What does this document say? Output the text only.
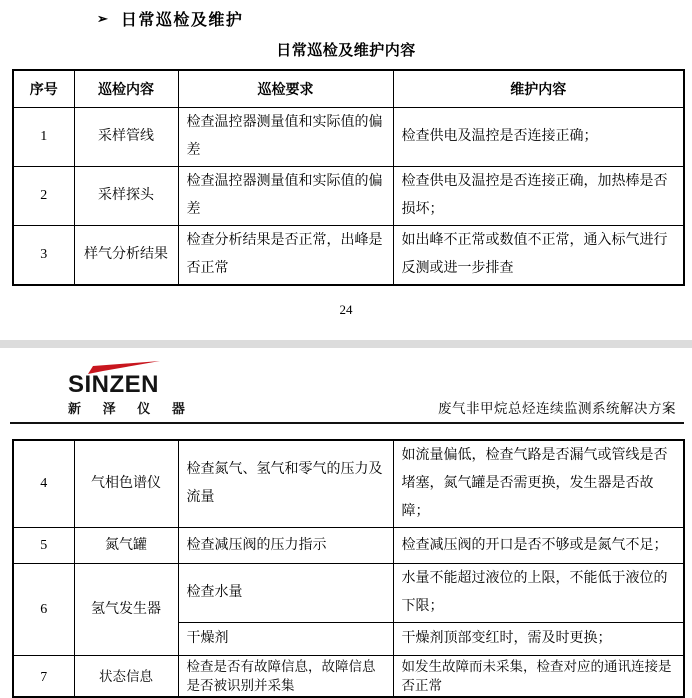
➢ 日常巡检及维护
日常巡检及维护内容
序号	巡检内容	巡检要求	维护内容
1	采样管线	检查温控器测量值和实际值的偏差	检查供电及温控是否连接正确；
2	采样探头	检查温控器测量值和实际值的偏差	检查供电及温控是否连接正确，加热棒是否损坏；
3	样气分析结果	检查分析结果是否正常，出峰是否正常	如出峰不正常或数值不正常，通入标气进行反测或进一步排查
24
SINZEN
新 泽 仪 器	废气非甲烷总烃连续监测系统解决方案
4	气相色谱仪	检查氮气、氢气和零气的压力及流量	如流量偏低，检查气路是否漏气或管线是否堵塞，氮气罐是否需更换，发生器是否故障；
5	氮气罐	检查减压阀的压力指示	检查减压阀的开口是否不够或是氮气不足；
6	氢气发生器	检查水量	水量不能超过液位的上限，不能低于液位的下限；
		干燥剂	干燥剂顶部变红时，需及时更换；
7	状态信息	检查是否有故障信息，故障信息是否被识别并采集	如发生故障而未采集，检查对应的通讯连接是否正常
